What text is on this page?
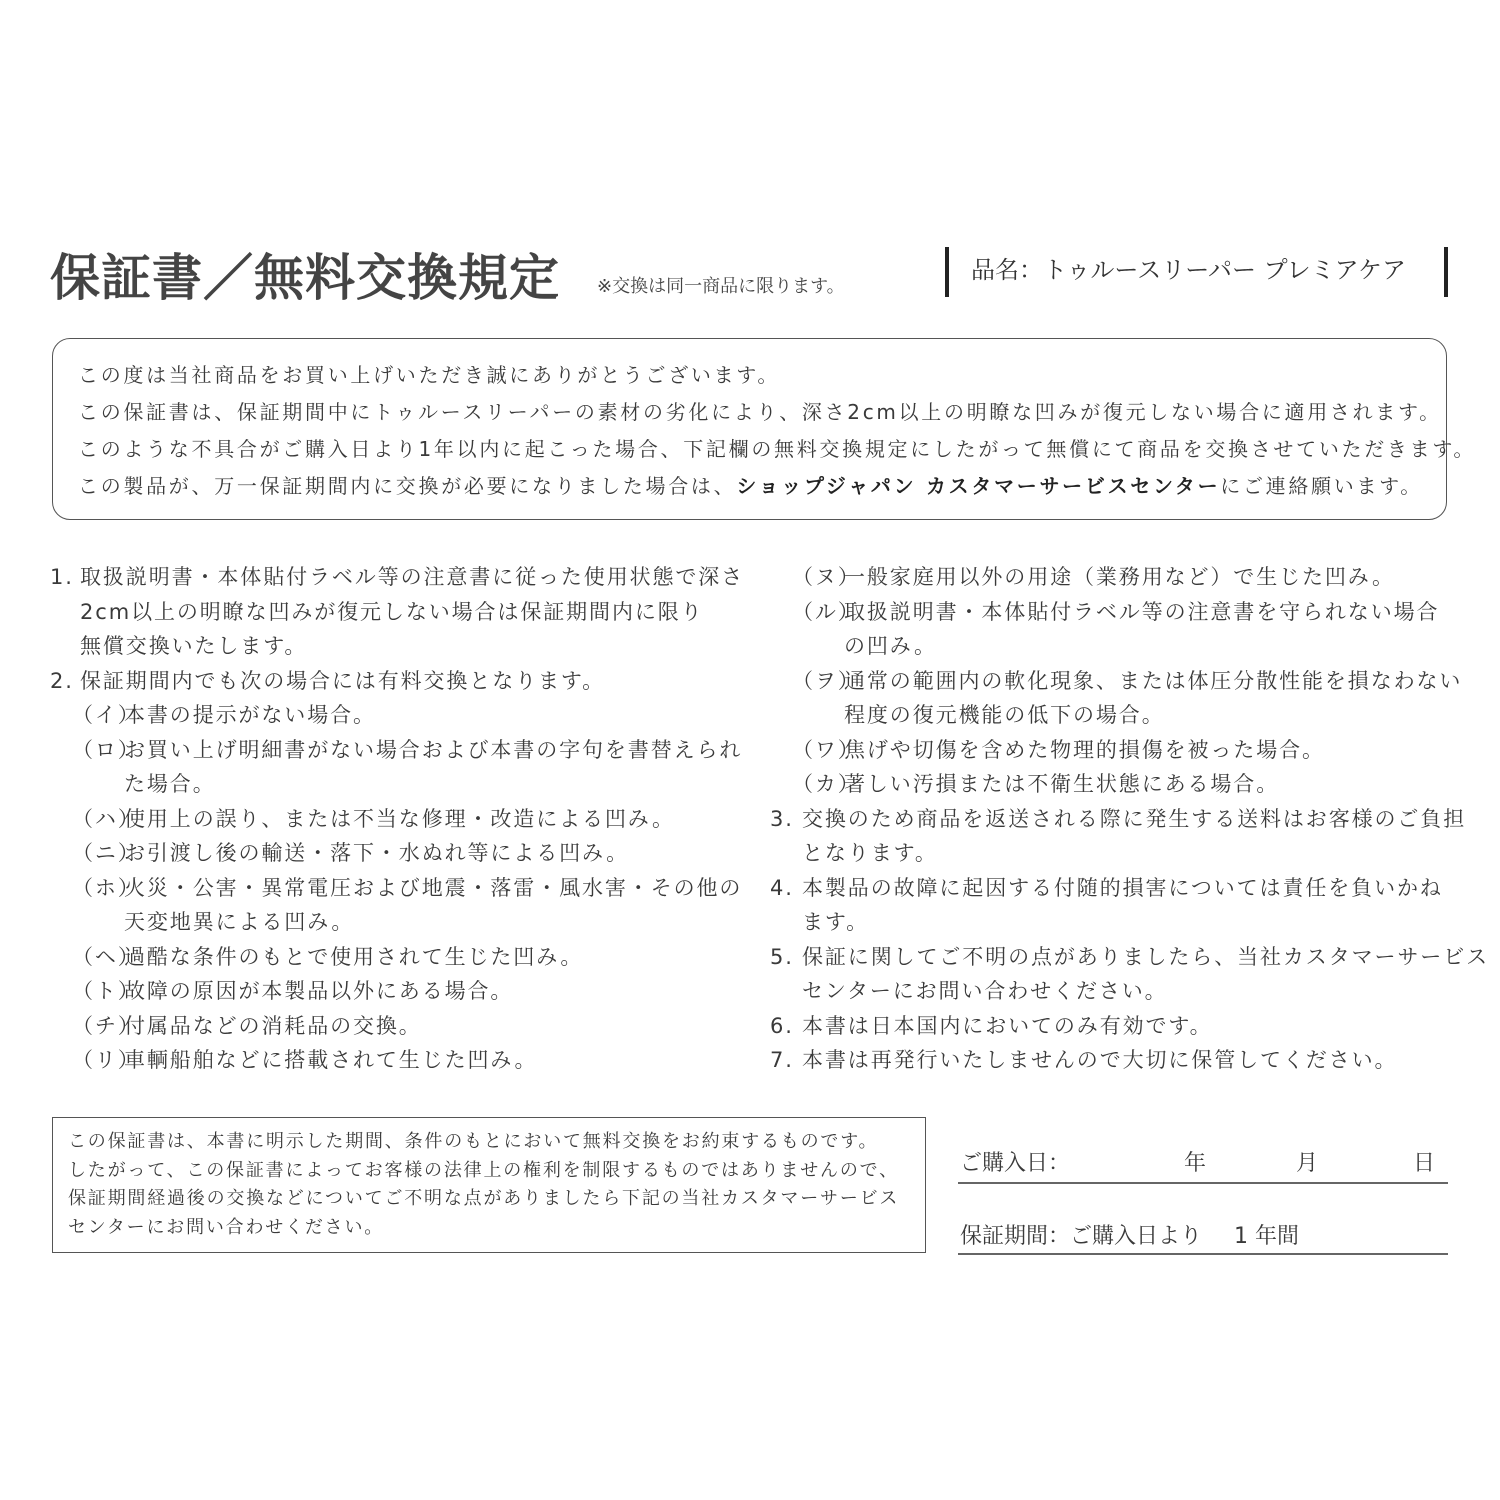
保証書／無料交換規定 ※交換は同一商品に限ります。
品名：トゥルースリーパー プレミアケア
この度は当社商品をお買い上げいただき誠にありがとうございます。
この保証書は、保証期間中にトゥルースリーパーの素材の劣化により、深さ2cm以上の明瞭な凹みが復元しない場合に適用されます。
このような不具合がご購入日より1年以内に起こった場合、下記欄の無料交換規定にしたがって無償にて商品を交換させていただきます。
この製品が、万一保証期間内に交換が必要になりました場合は、ショップジャパン カスタマーサービスセンターにご連絡願います。
1. 取扱説明書・本体貼付ラベル等の注意書に従った使用状態で深さ
2cm以上の明瞭な凹みが復元しない場合は保証期間内に限り
無償交換いたします。
2. 保証期間内でも次の場合には有料交換となります。
（イ）
本書の提示がない場合。
（ロ）
お買い上げ明細書がない場合および本書の字句を書替えられ
た場合。
（ハ）
使用上の誤り、または不当な修理・改造による凹み。
（ニ）
お引渡し後の輸送・落下・水ぬれ等による凹み。
（ホ）
火災・公害・異常電圧および地震・落雷・風水害・その他の
天変地異による凹み。
（ヘ）
過酷な条件のもとで使用されて生じた凹み。
（ト）
故障の原因が本製品以外にある場合。
（チ）
付属品などの消耗品の交換。
（リ）
車輌船舶などに搭載されて生じた凹み。
（ヌ）
一般家庭用以外の用途（業務用など）で生じた凹み。
（ル）
取扱説明書・本体貼付ラベル等の注意書を守られない場合
の凹み。
（ヲ）
通常の範囲内の軟化現象、または体圧分散性能を損なわない
程度の復元機能の低下の場合。
（ワ）
焦げや切傷を含めた物理的損傷を被った場合。
（カ）
著しい汚損または不衛生状態にある場合。
3. 交換のため商品を返送される際に発生する送料はお客様のご負担
となります。
4. 本製品の故障に起因する付随的損害については責任を負いかね
ます。
5. 保証に関してご不明の点がありましたら、当社カスタマーサービス
センターにお問い合わせください。
6. 本書は日本国内においてのみ有効です。
7. 本書は再発行いたしませんので大切に保管してください。
この保証書は、本書に明示した期間、条件のもとにおいて無料交換をお約束するものです。
したがって、この保証書によってお客様の法律上の権利を制限するものではありませんので、
保証期間経過後の交換などについてご不明な点がありましたら下記の当社カスタマーサービス
センターにお問い合わせください。
ご購入日：	年	月	日
保証期間：ご購入日より 1 年間
